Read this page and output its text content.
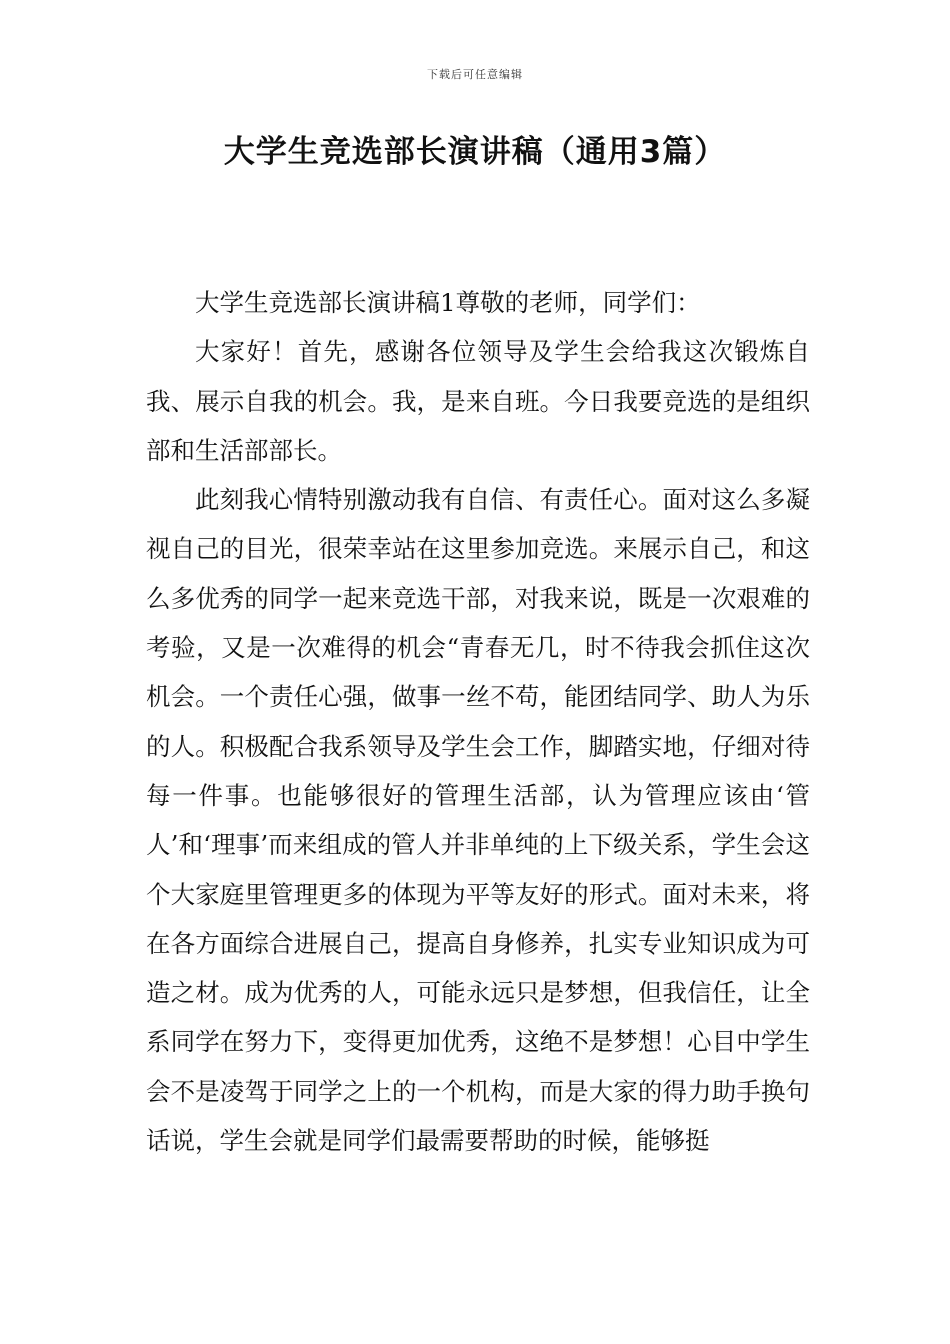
下载后可任意编辑
大学生竞选部长演讲稿（通用3篇）

大学生竞选部长演讲稿1尊敬的老师，同学们：

大家好！首先，感谢各位领导及学生会给我这次锻炼自我、展示自我的机会。我，是来自班。今日我要竞选的是组织部和生活部部长。

此刻我心情特别激动我有自信、有责任心。面对这么多凝视自己的目光，很荣幸站在这里参加竞选。来展示自己，和这么多优秀的同学一起来竞选干部，对我来说，既是一次艰难的考验，又是一次难得的机会“青春无几，时不待我会抓住这次机会。一个责任心强，做事一丝不苟，能团结同学、助人为乐的人。积极配合我系领导及学生会工作，脚踏实地，仔细对待每一件事。也能够很好的管理生活部，认为管理应该由‘管人’和‘理事’而来组成的管人并非单纯的上下级关系，学生会这个大家庭里管理更多的体现为平等友好的形式。面对未来，将在各方面综合进展自己，提高自身修养，扎实专业知识成为可造之材。成为优秀的人，可能永远只是梦想，但我信任，让全系同学在努力下，变得更加优秀，这绝不是梦想！心目中学生会不是凌驾于同学之上的一个机构，而是大家的得力助手换句话说，学生会就是同学们最需要帮助的时候，能够挺
